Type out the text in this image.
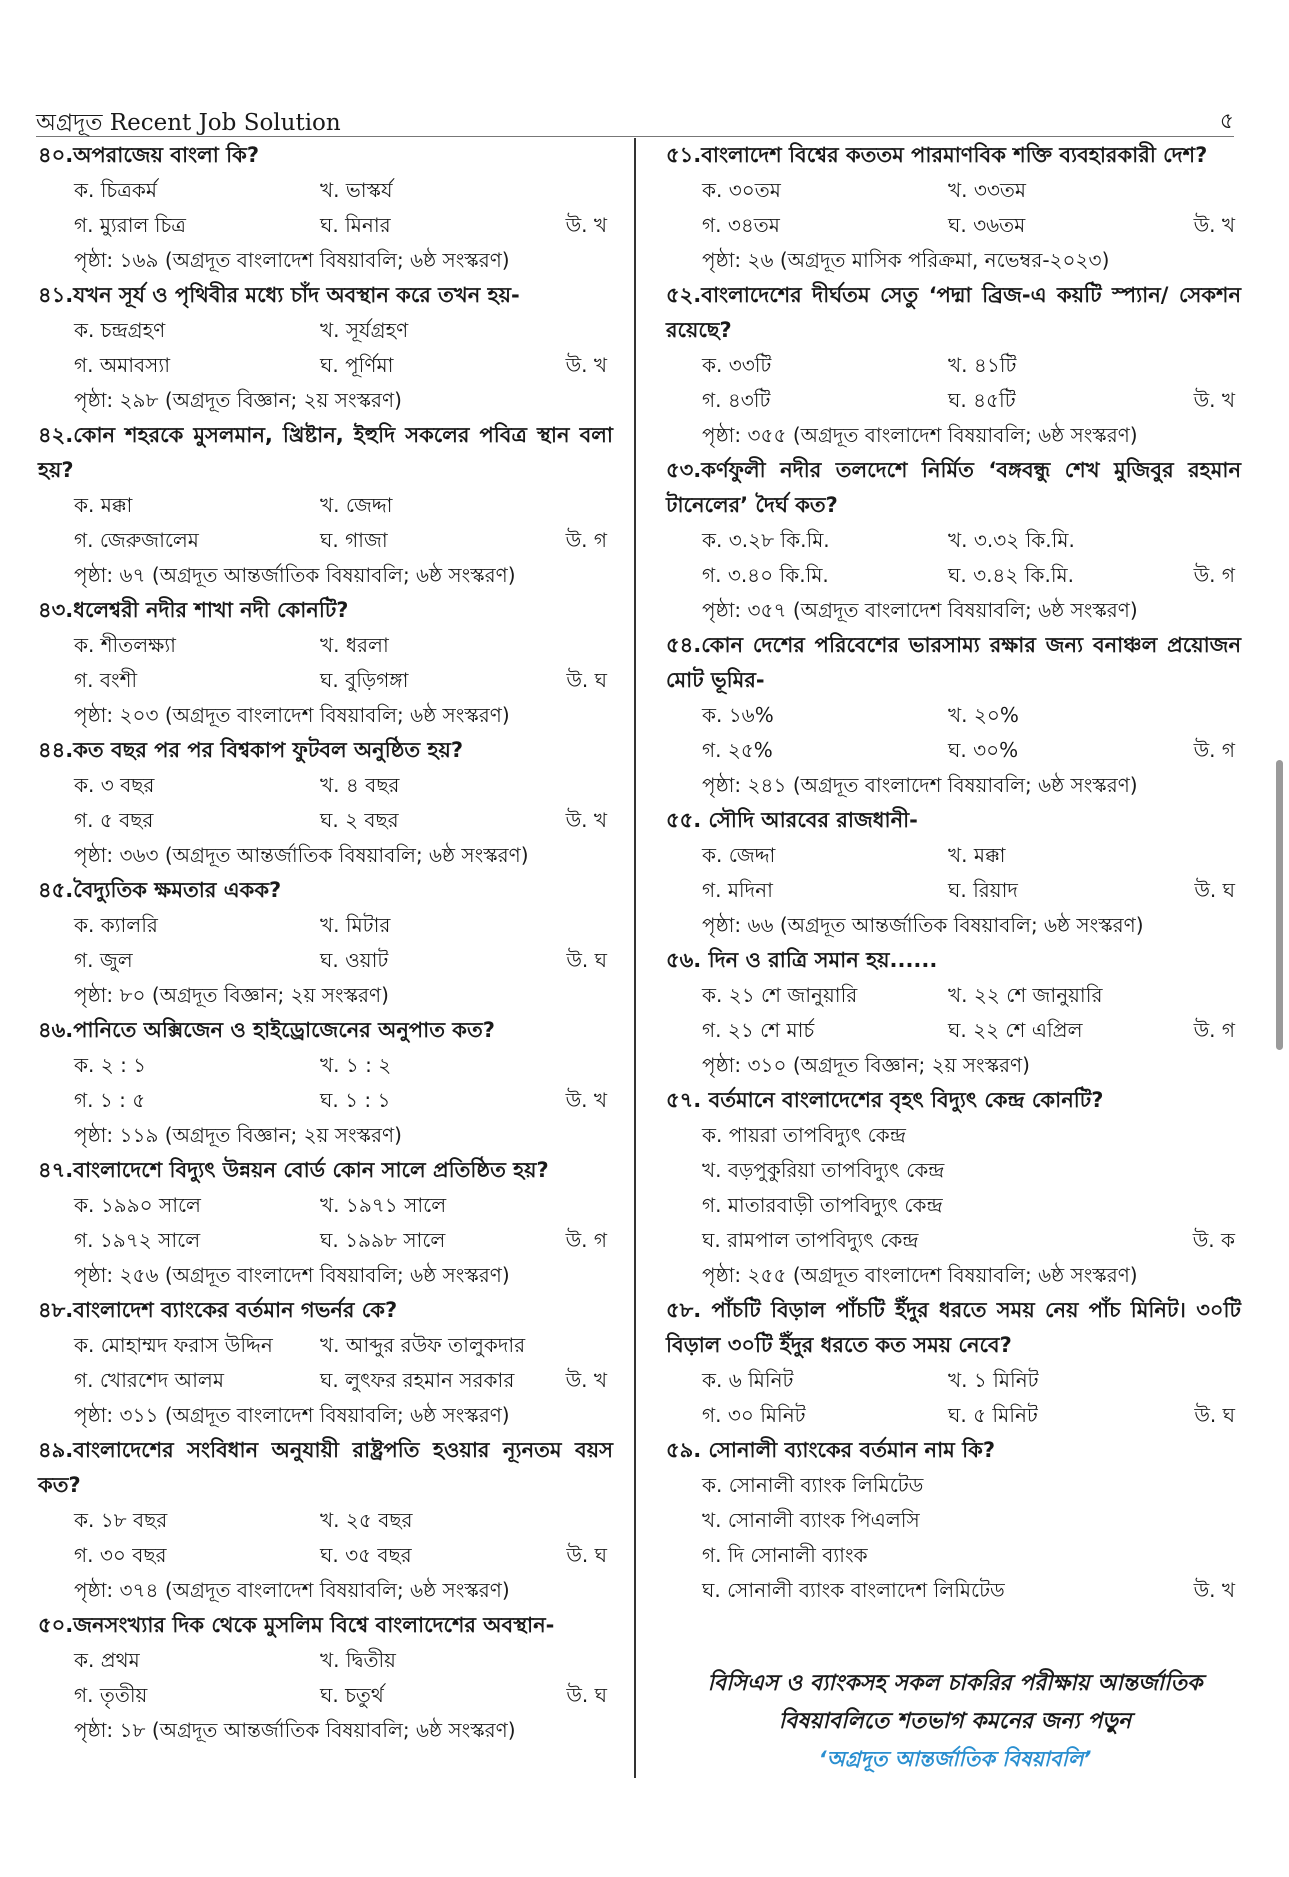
অগ্রদূত Recent Job Solution	৫
৪০.অপরাজেয় বাংলা কি?
ক. চিত্রকর্ম	খ. ভাস্কর্য
গ. ম্যুরাল চিত্র	ঘ. মিনার	উ. খ
পৃষ্ঠা: ১৬৯ (অগ্রদূত বাংলাদেশ বিষয়াবলি; ৬ষ্ঠ সংস্করণ)
৪১.যখন সূর্য ও পৃথিবীর মধ্যে চাঁদ অবস্থান করে তখন হয়-
ক. চন্দ্রগ্রহণ	খ. সূর্যগ্রহণ
গ. অমাবস্যা	ঘ. পূর্ণিমা	উ. খ
পৃষ্ঠা: ২৯৮ (অগ্রদূত বিজ্ঞান; ২য় সংস্করণ)
৪২.কোন শহরকে মুসলমান, খ্রিষ্টান, ইহুদি সকলের পবিত্র স্থান বলা হয়?
ক. মক্কা	খ. জেদ্দা
গ. জেরুজালেম	ঘ. গাজা	উ. গ
পৃষ্ঠা: ৬৭ (অগ্রদূত আন্তর্জাতিক বিষয়াবলি; ৬ষ্ঠ সংস্করণ)
৪৩.ধলেশ্বরী নদীর শাখা নদী কোনটি?
ক. শীতলক্ষ্যা	খ. ধরলা
গ. বংশী	ঘ. বুড়িগঙ্গা	উ. ঘ
পৃষ্ঠা: ২০৩ (অগ্রদূত বাংলাদেশ বিষয়াবলি; ৬ষ্ঠ সংস্করণ)
৪৪.কত বছর পর পর বিশ্বকাপ ফুটবল অনুষ্ঠিত হয়?
ক. ৩ বছর	খ. ৪ বছর
গ. ৫ বছর	ঘ. ২ বছর	উ. খ
পৃষ্ঠা: ৩৬৩ (অগ্রদূত আন্তর্জাতিক বিষয়াবলি; ৬ষ্ঠ সংস্করণ)
৪৫.বৈদ্যুতিক ক্ষমতার একক?
ক. ক্যালরি	খ. মিটার
গ. জুল	ঘ. ওয়াট	উ. ঘ
পৃষ্ঠা: ৮০ (অগ্রদূত বিজ্ঞান; ২য় সংস্করণ)
৪৬.পানিতে অক্সিজেন ও হাইড্রোজেনের অনুপাত কত?
ক. ২ : ১	খ. ১ : ২
গ. ১ : ৫	ঘ. ১ : ১	উ. খ
পৃষ্ঠা: ১১৯ (অগ্রদূত বিজ্ঞান; ২য় সংস্করণ)
৪৭.বাংলাদেশে বিদ্যুৎ উন্নয়ন বোর্ড কোন সালে প্রতিষ্ঠিত হয়?
ক. ১৯৯০ সালে	খ. ১৯৭১ সালে
গ. ১৯৭২ সালে	ঘ. ১৯৯৮ সালে	উ. গ
পৃষ্ঠা: ২৫৬ (অগ্রদূত বাংলাদেশ বিষয়াবলি; ৬ষ্ঠ সংস্করণ)
৪৮.বাংলাদেশ ব্যাংকের বর্তমান গভর্নর কে?
ক. মোহাম্মদ ফরাস উদ্দিন খ. আব্দুর রউফ তালুকদার
গ. খোরশেদ আলম	ঘ. লুৎফর রহমান সরকার	উ. খ
পৃষ্ঠা: ৩১১ (অগ্রদূত বাংলাদেশ বিষয়াবলি; ৬ষ্ঠ সংস্করণ)
৪৯.বাংলাদেশের সংবিধান অনুযায়ী রাষ্ট্রপতি হওয়ার ন্যূনতম বয়স কত?
ক. ১৮ বছর	খ. ২৫ বছর
গ. ৩০ বছর	ঘ. ৩৫ বছর	উ. ঘ
পৃষ্ঠা: ৩৭৪ (অগ্রদূত বাংলাদেশ বিষয়াবলি; ৬ষ্ঠ সংস্করণ)
৫০.জনসংখ্যার দিক থেকে মুসলিম বিশ্বে বাংলাদেশের অবস্থান-
ক. প্রথম	খ. দ্বিতীয়
গ. তৃতীয়	ঘ. চতুর্থ	উ. ঘ
পৃষ্ঠা: ১৮ (অগ্রদূত আন্তর্জাতিক বিষয়াবলি; ৬ষ্ঠ সংস্করণ)
৫১.বাংলাদেশ বিশ্বের কততম পারমাণবিক শক্তি ব্যবহারকারী দেশ?
ক. ৩০তম	খ. ৩৩তম
গ. ৩৪তম	ঘ. ৩৬তম	উ. খ
পৃষ্ঠা: ২৬ (অগ্রদূত মাসিক পরিক্রমা, নভেম্বর-২০২৩)
৫২.বাংলাদেশের দীর্ঘতম সেতু ‘পদ্মা ব্রিজ-এ কয়টি স্প্যান/ সেকশন রয়েছে?
ক. ৩৩টি	খ. ৪১টি
গ. ৪৩টি	ঘ. ৪৫টি	উ. খ
পৃষ্ঠা: ৩৫৫ (অগ্রদূত বাংলাদেশ বিষয়াবলি; ৬ষ্ঠ সংস্করণ)
৫৩.কর্ণফুলী নদীর তলদেশে নির্মিত ‘বঙ্গবন্ধু শেখ মুজিবুর রহমান টানেলের’ দৈর্ঘ কত?
ক. ৩.২৮ কি.মি.	খ. ৩.৩২ কি.মি.
গ. ৩.৪০ কি.মি.	ঘ. ৩.৪২ কি.মি.	উ. গ
পৃষ্ঠা: ৩৫৭ (অগ্রদূত বাংলাদেশ বিষয়াবলি; ৬ষ্ঠ সংস্করণ)
৫৪.কোন দেশের পরিবেশের ভারসাম্য রক্ষার জন্য বনাঞ্চল প্রয়োজন মোট ভূমির-
ক. ১৬%	খ. ২০%
গ. ২৫%	ঘ. ৩০%	উ. গ
পৃষ্ঠা: ২৪১ (অগ্রদূত বাংলাদেশ বিষয়াবলি; ৬ষ্ঠ সংস্করণ)
৫৫. সৌদি আরবের রাজধানী-
ক. জেদ্দা	খ. মক্কা
গ. মদিনা	ঘ. রিয়াদ	উ. ঘ
পৃষ্ঠা: ৬৬ (অগ্রদূত আন্তর্জাতিক বিষয়াবলি; ৬ষ্ঠ সংস্করণ)
৫৬. দিন ও রাত্রি সমান হয়......
ক. ২১ শে জানুয়ারি	খ. ২২ শে জানুয়ারি
গ. ২১ শে মার্চ	ঘ. ২২ শে এপ্রিল	উ. গ
পৃষ্ঠা: ৩১০ (অগ্রদূত বিজ্ঞান; ২য় সংস্করণ)
৫৭. বর্তমানে বাংলাদেশের বৃহৎ বিদ্যুৎ কেন্দ্র কোনটি?
ক. পায়রা তাপবিদ্যুৎ কেন্দ্র
খ. বড়পুকুরিয়া তাপবিদ্যুৎ কেন্দ্র
গ. মাতারবাড়ী তাপবিদ্যুৎ কেন্দ্র
ঘ. রামপাল তাপবিদ্যুৎ কেন্দ্র	উ. ক
পৃষ্ঠা: ২৫৫ (অগ্রদূত বাংলাদেশ বিষয়াবলি; ৬ষ্ঠ সংস্করণ)
৫৮. পাঁচটি বিড়াল পাঁচটি ইঁদুর ধরতে সময় নেয় পাঁচ মিনিট। ৩০টি বিড়াল ৩০টি ইঁদুর ধরতে কত সময় নেবে?
ক. ৬ মিনিট	খ. ১ মিনিট
গ. ৩০ মিনিট	ঘ. ৫ মিনিট	উ. ঘ
৫৯. সোনালী ব্যাংকের বর্তমান নাম কি?
ক. সোনালী ব্যাংক লিমিটেড
খ. সোনালী ব্যাংক পিএলসি
গ. দি সোনালী ব্যাংক
ঘ. সোনালী ব্যাংক বাংলাদেশ লিমিটেড	উ. খ
বিসিএস ও ব্যাংকসহ সকল চাকরির পরীক্ষায় আন্তর্জাতিক
বিষয়াবলিতে শতভাগ কমনের জন্য পড়ুন
‘অগ্রদূত আন্তর্জাতিক বিষয়াবলি’
